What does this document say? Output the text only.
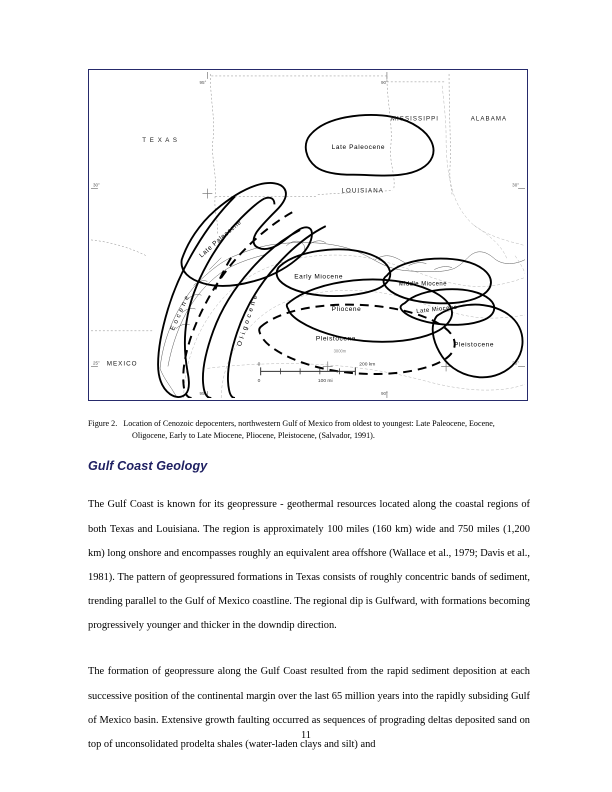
95°	90°
30°	30°
25°	25°
95°	90°
3000m
T E X A S
LOUISIANA
MISSISSIPPI	ALABAMA
MEXICO
Late Paleocene
Late Paleocene
E o c e n e	O l i g o c e n e
Early Miocene
Middle Miocene
Late Miocene
Pliocene
Pleistocene
Pleistocene
0	200 km
0	100 mi
Figure 2. Location of Cenozoic depocenters, northwestern Gulf of Mexico from oldest to youngest: Late Paleocene, Eocene, Oligocene, Early to Late Miocene, Pliocene, Pleistocene, (Salvador, 1991).
Gulf Coast Geology

The Gulf Coast is known for its geopressure - geothermal resources located along the coastal regions of both Texas and Louisiana. The region is approximately 100 miles (160 km) wide and 750 miles (1,200 km) long onshore and encompasses roughly an equivalent area offshore (Wallace et al., 1979; Davis et al., 1981). The pattern of geopressured formations in Texas consists of roughly concentric bands of sediment, trending parallel to the Gulf of Mexico coastline. The regional dip is Gulfward, with formations becoming progressively younger and thicker in the downdip direction.

The formation of geopressure along the Gulf Coast resulted from the rapid sediment deposition at each successive position of the continental margin over the last 65 million years into the rapidly subsiding Gulf of Mexico basin. Extensive growth faulting occurred as sequences of prograding deltas deposited sand on top of unconsolidated prodelta shales (water-laden clays and silt) and

11
